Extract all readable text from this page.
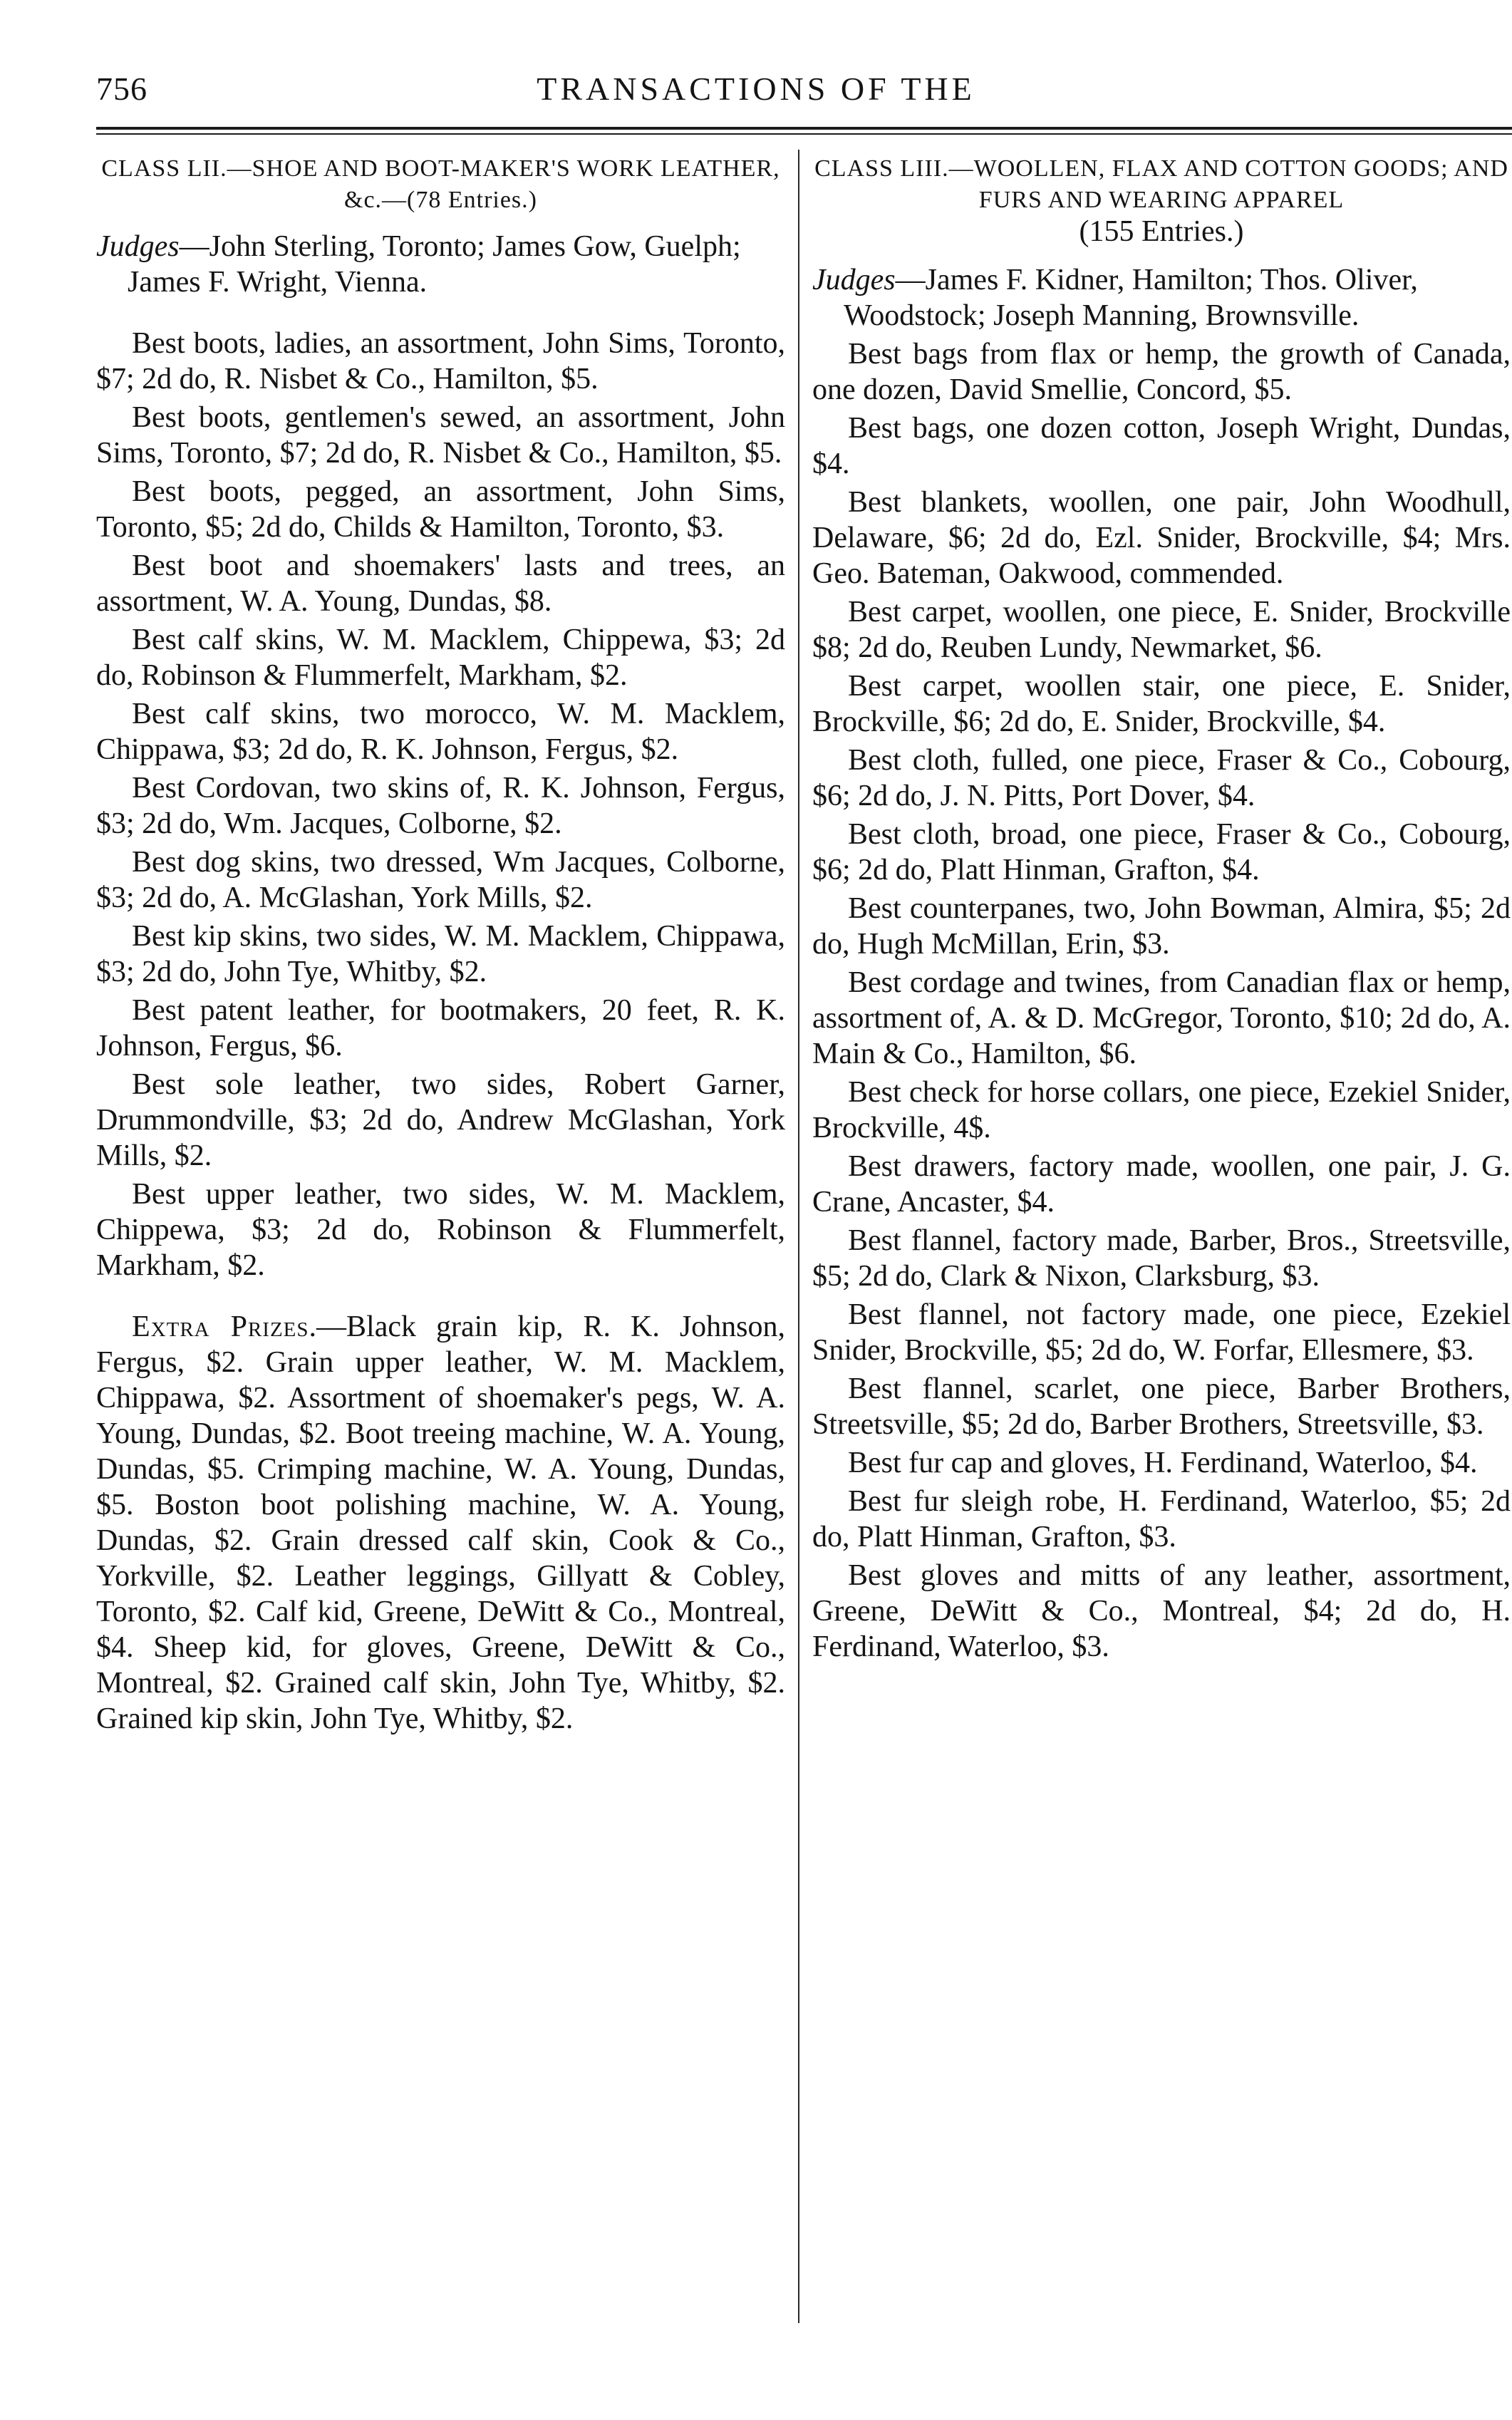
756	TRANSACTIONS OF THE
CLASS LII.—SHOE AND BOOT-MAKER'S WORK LEATHER, &c.—(78 Entries.)
Judges—John Sterling, Toronto; James Gow, Guelph; James F. Wright, Vienna.

Best boots, ladies, an assortment, John Sims, Toronto, $7; 2d do, R. Nisbet & Co., Hamilton, $5.

Best boots, gentlemen's sewed, an assortment, John Sims, Toronto, $7; 2d do, R. Nisbet & Co., Hamilton, $5.

Best boots, pegged, an assortment, John Sims, Toronto, $5; 2d do, Childs & Hamilton, Toronto, $3.

Best boot and shoemakers' lasts and trees, an assortment, W. A. Young, Dundas, $8.

Best calf skins, W. M. Macklem, Chippewa, $3; 2d do, Robinson & Flummerfelt, Markham, $2.

Best calf skins, two morocco, W. M. Macklem, Chippawa, $3; 2d do, R. K. Johnson, Fergus, $2.

Best Cordovan, two skins of, R. K. Johnson, Fergus, $3; 2d do, Wm. Jacques, Colborne, $2.

Best dog skins, two dressed, Wm Jacques, Colborne, $3; 2d do, A. McGlashan, York Mills, $2.

Best kip skins, two sides, W. M. Macklem, Chippawa, $3; 2d do, John Tye, Whitby, $2.

Best patent leather, for bootmakers, 20 feet, R. K. Johnson, Fergus, $6.

Best sole leather, two sides, Robert Garner, Drummondville, $3; 2d do, Andrew McGlashan, York Mills, $2.

Best upper leather, two sides, W. M. Macklem, Chippewa, $3; 2d do, Robinson & Flummerfelt, Markham, $2.

Extra Prizes.—Black grain kip, R. K. Johnson, Fergus, $2. Grain upper leather, W. M. Macklem, Chippawa, $2. Assortment of shoemaker's pegs, W. A. Young, Dundas, $2. Boot treeing machine, W. A. Young, Dundas, $5. Crimping machine, W. A. Young, Dundas, $5. Boston boot polishing machine, W. A. Young, Dundas, $2. Grain dressed calf skin, Cook & Co., Yorkville, $2. Leather leggings, Gillyatt & Cobley, Toronto, $2. Calf kid, Greene, DeWitt & Co., Montreal, $4. Sheep kid, for gloves, Greene, DeWitt & Co., Montreal, $2. Grained calf skin, John Tye, Whitby, $2. Grained kip skin, John Tye, Whitby, $2.

CLASS LIII.—WOOLLEN, FLAX AND COTTON GOODS; AND FURS AND WEARING APPAREL
(155 Entries.)
Judges—James F. Kidner, Hamilton; Thos. Oliver, Woodstock; Joseph Manning, Brownsville.

Best bags from flax or hemp, the growth of Canada, one dozen, David Smellie, Concord, $5.

Best bags, one dozen cotton, Joseph Wright, Dundas, $4.

Best blankets, woollen, one pair, John Woodhull, Delaware, $6; 2d do, Ezl. Snider, Brockville, $4; Mrs. Geo. Bateman, Oakwood, commended.

Best carpet, woollen, one piece, E. Snider, Brockville $8; 2d do, Reuben Lundy, Newmarket, $6.

Best carpet, woollen stair, one piece, E. Snider, Brockville, $6; 2d do, E. Snider, Brockville, $4.

Best cloth, fulled, one piece, Fraser & Co., Cobourg, $6; 2d do, J. N. Pitts, Port Dover, $4.

Best cloth, broad, one piece, Fraser & Co., Cobourg, $6; 2d do, Platt Hinman, Grafton, $4.

Best counterpanes, two, John Bowman, Almira, $5; 2d do, Hugh McMillan, Erin, $3.

Best cordage and twines, from Canadian flax or hemp, assortment of, A. & D. McGregor, Toronto, $10; 2d do, A. Main & Co., Hamilton, $6.

Best check for horse collars, one piece, Ezekiel Snider, Brockville, 4$.

Best drawers, factory made, woollen, one pair, J. G. Crane, Ancaster, $4.

Best flannel, factory made, Barber, Bros., Streetsville, $5; 2d do, Clark & Nixon, Clarksburg, $3.

Best flannel, not factory made, one piece, Ezekiel Snider, Brockville, $5; 2d do, W. Forfar, Ellesmere, $3.

Best flannel, scarlet, one piece, Barber Brothers, Streetsville, $5; 2d do, Barber Brothers, Streetsville, $3.

Best fur cap and gloves, H. Ferdinand, Waterloo, $4.

Best fur sleigh robe, H. Ferdinand, Waterloo, $5; 2d do, Platt Hinman, Grafton, $3.

Best gloves and mitts of any leather, assortment, Greene, DeWitt & Co., Montreal, $4; 2d do, H. Ferdinand, Waterloo, $3.
